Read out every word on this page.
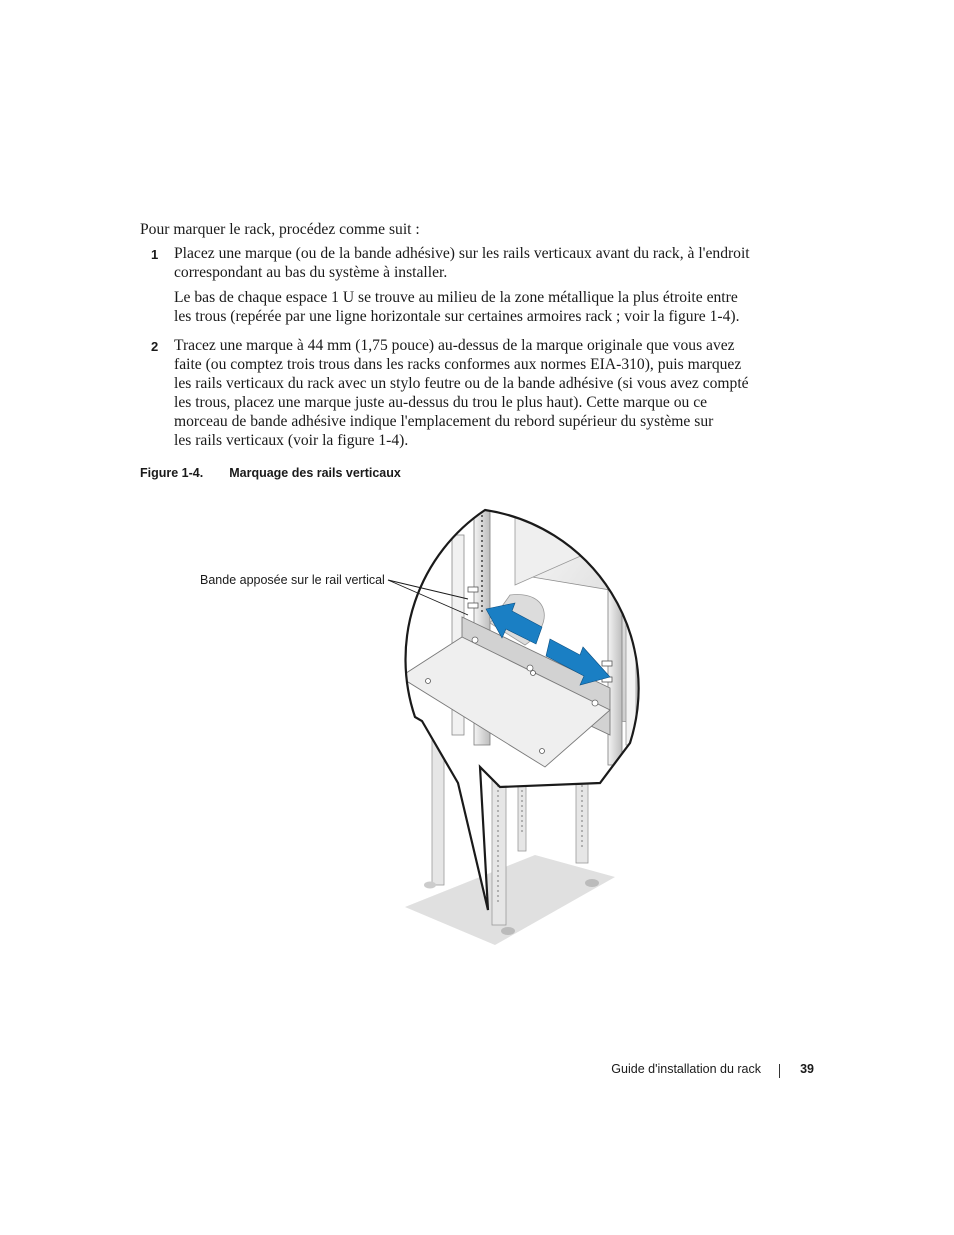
Pour marquer le rack, procédez comme suit :
1 Placez une marque (ou de la bande adhésive) sur les rails verticaux avant du rack, à l'endroit
correspondant au bas du système à installer.
Le bas de chaque espace 1 U se trouve au milieu de la zone métallique la plus étroite entre
les trous (repérée par une ligne horizontale sur certaines armoires rack ; voir la figure 1-4).
2 Tracez une marque à 44 mm (1,75 pouce) au-dessus de la marque originale que vous avez
faite (ou comptez trois trous dans les racks conformes aux normes EIA-310), puis marquez
les rails verticaux du rack avec un stylo feutre ou de la bande adhésive (si vous avez compté
les trous, placez une marque juste au-dessus du trou le plus haut). Cette marque ou ce
morceau de bande adhésive indique l'emplacement du rebord supérieur du système sur
les rails verticaux (voir la figure 1-4).
Figure 1-4. Marquage des rails verticaux
Bande apposée sur le rail vertical
Guide d'installation du rack	39
